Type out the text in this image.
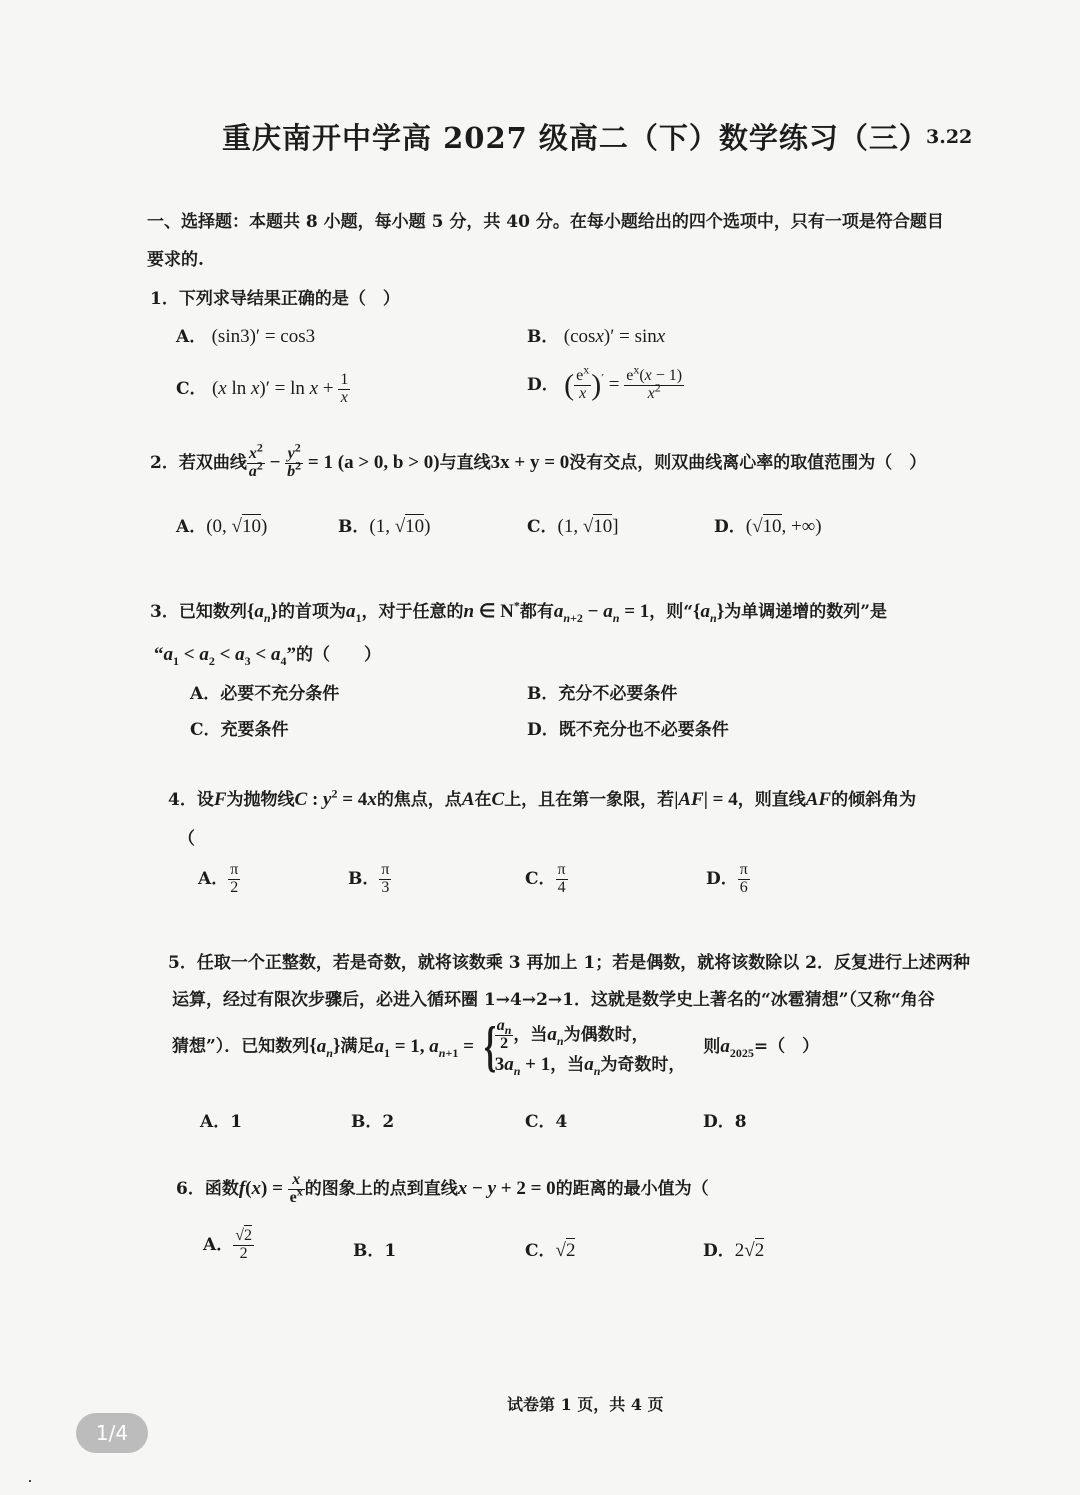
重庆南开中学高 2027 级高二（下）数学练习（三）
3.22
一、选择题：本题共 8 小题，每小题 5 分，共 40 分。在每小题给出的四个选项中，只有一项是符合题目
要求的.
1．下列求导结果正确的是（　）
A． (sin3)′ = cos3	B． (cosx)′ = sinx
C． (x $\ln x)' = \ln x + \frac{1}{x}$	D． ( $\frac{e^x}{x} )' = \frac{e^x(x - 1)}{x^2}$
2．若双曲线 $\frac{x^2}{a^2} - \frac{y^2}{b^2} = 1$ (a > 0, b > 0)与直线3x + y = 0没有交点，则双曲线离心率的取值范围为（　）
A．(0, √10)	B．(1, √10)	C．(1, √10]	D．(√10, +∞)
3．已知数列$\{a_n\}$的首项为$a_1$，对于任意的n ∈ N*都有$a_{n+2} - a_n = 1$，则“$\{a_n\}$为单调递增的数列”是
“$a_1 < a_2 < a_3 < a_4$”的（　　）
A．必要不充分条件	B．充分不必要条件
C．充要条件	D．既不充分也不必要条件
4．设F为抛物线C : $y^2 = 4x$的焦点，点A在C上，且在第一象限，若|AF| = 4，则直线AF的倾斜角为
（
A． $\frac{\pi}{2}$	B． $\frac{\pi}{3}$	C． $\frac{\pi}{4}$	D． $\frac{\pi}{6}$
5．任取一个正整数，若是奇数，就将该数乘 3 再加上 1；若是偶数，就将该数除以 2．反复进行上述两种
运算，经过有限次步骤后，必进入循环圈 1→4→2→1．这就是数学史上著名的“冰雹猜想”（又称“角谷
猜想”）．已知数列$\{a_n\}$满足$a_1 = 1$, $a_{n+1}$ = {
$\frac{a_n}{2}$ ，当$a_n$为偶数时，
$3a_n + 1$，当$a_n$为奇数时，
则$a_{2025}=$（　）
A．1	B．2	C．4	D．8
6．函数$f(x) = \frac{x}{e^x}$ 的图象上的点到直线x − y + 2 = 0的距离的最小值为（
A． $\frac{√2}{2}$	B．1	C．√2	D．2√2
试卷第 1 页，共 4 页
1/4
